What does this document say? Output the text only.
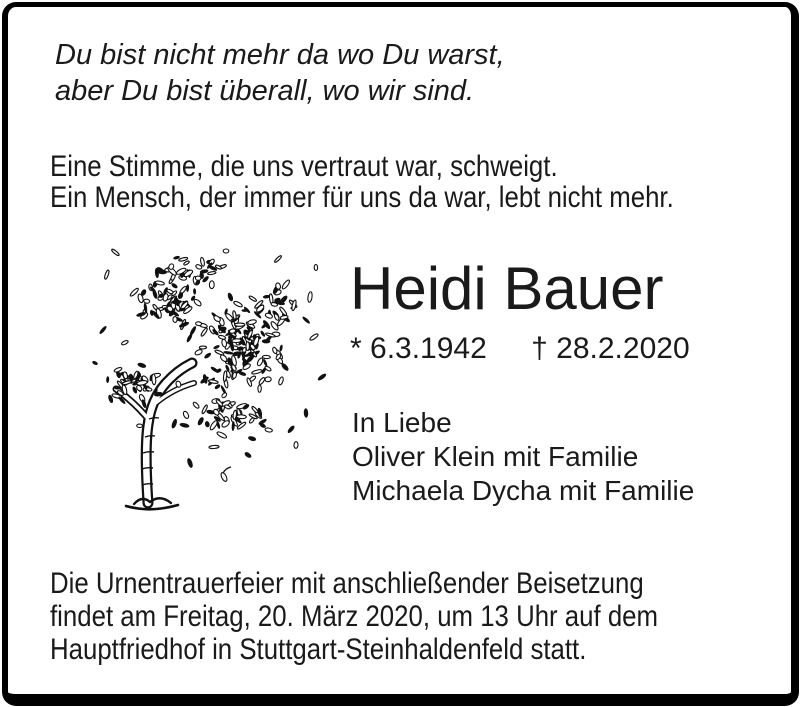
Du bist nicht mehr da wo Du warst,
aber Du bist überall, wo wir sind.
Eine Stimme, die uns vertraut war, schweigt.
Ein Mensch, der immer für uns da war, lebt nicht mehr.
Heidi Bauer
* 6.3.1942 † 28.2.2020
In Liebe
Oliver Klein mit Familie
Michaela Dycha mit Familie
Die Urnentrauerfeier mit anschließender Beisetzung
findet am Freitag, 20. März 2020, um 13 Uhr auf dem
Hauptfriedhof in Stuttgart-Steinhaldenfeld statt.
